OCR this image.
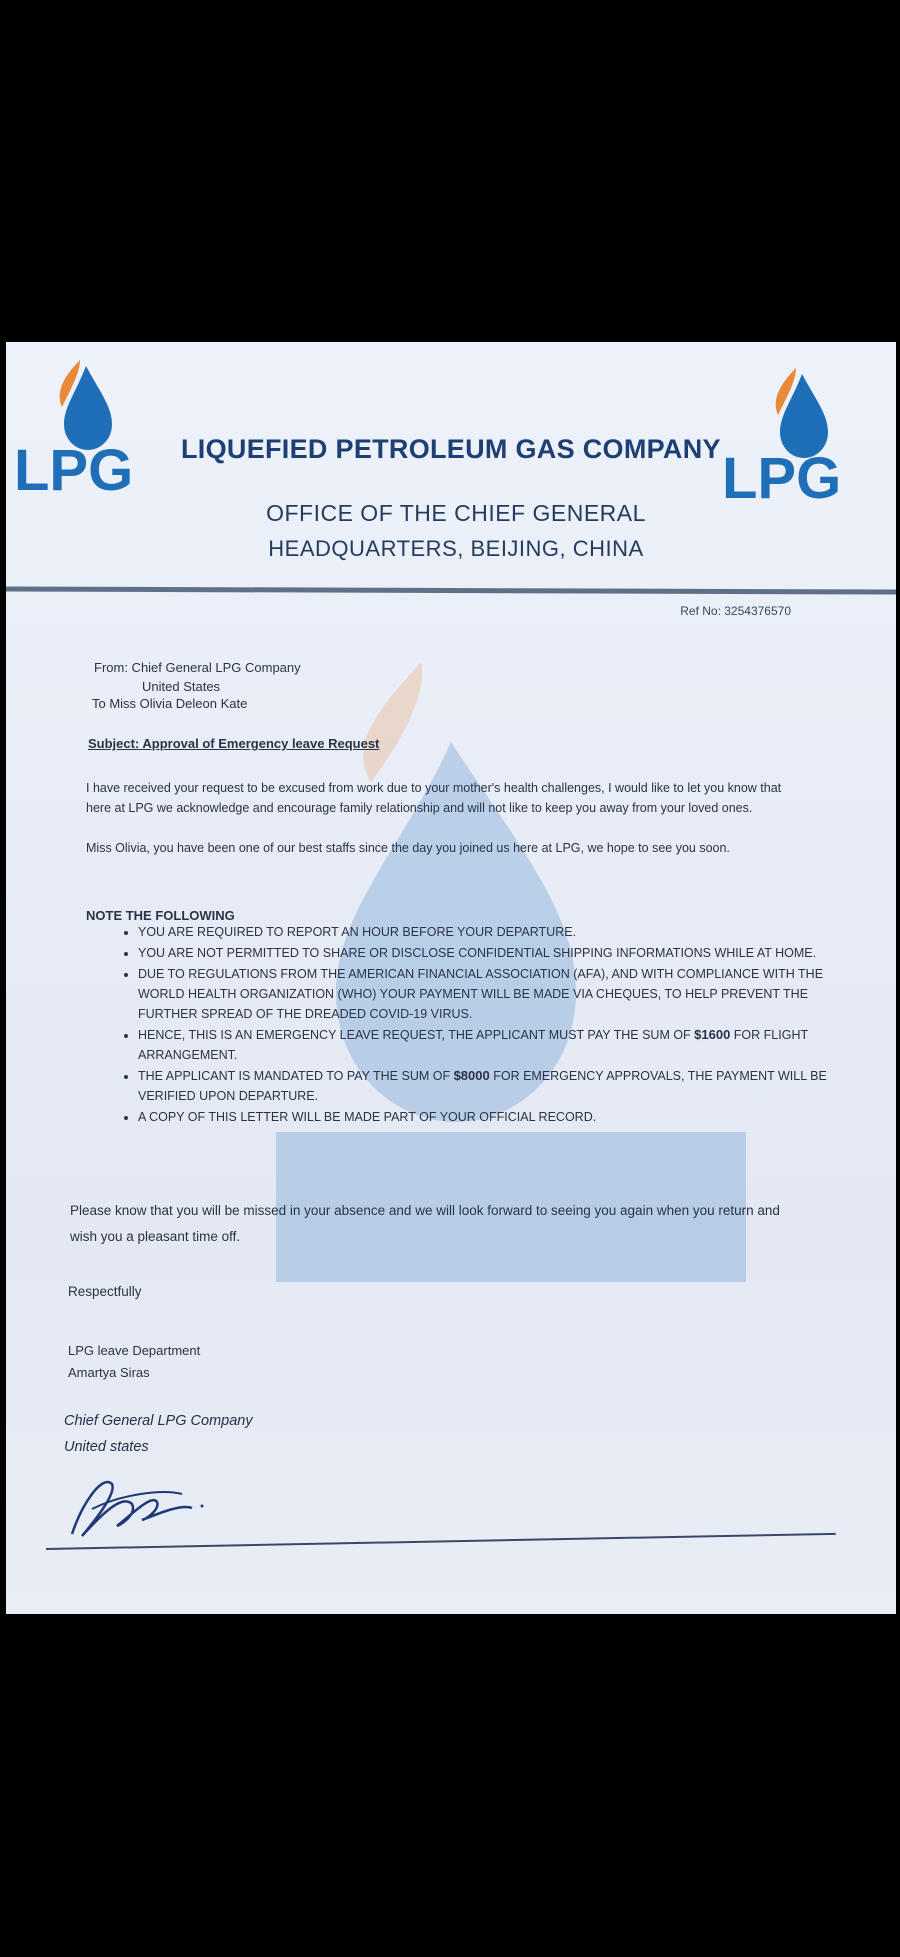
LPG LIQUEFIED PETROLEUM GAS COMPANY LPG
OFFICE OF THE CHIEF GENERAL
HEADQUARTERS, BEIJING, CHINA
Ref No: 3254376570
From: Chief General LPG Company
United States
To Miss Olivia Deleon Kate
Subject: Approval of Emergency leave Request
I have received your request to be excused from work due to your mother's health challenges, I would like to let you know that here at LPG we acknowledge and encourage family relationship and will not like to keep you away from your loved ones.
Miss Olivia, you have been one of our best staffs since the day you joined us here at LPG, we hope to see you soon.
NOTE THE FOLLOWING
• YOU ARE REQUIRED TO REPORT AN HOUR BEFORE YOUR DEPARTURE.
• YOU ARE NOT PERMITTED TO SHARE OR DISCLOSE CONFIDENTIAL SHIPPING INFORMATIONS WHILE AT HOME.
• DUE TO REGULATIONS FROM THE AMERICAN FINANCIAL ASSOCIATION (AFA), AND WITH COMPLIANCE WITH THE WORLD HEALTH ORGANIZATION (WHO) YOUR PAYMENT WILL BE MADE VIA CHEQUES, TO HELP PREVENT THE FURTHER SPREAD OF THE DREADED COVID-19 VIRUS.
• HENCE, THIS IS AN EMERGENCY LEAVE REQUEST, THE APPLICANT MUST PAY THE SUM OF $1600 FOR FLIGHT ARRANGEMENT.
• THE APPLICANT IS MANDATED TO PAY THE SUM OF $8000 FOR EMERGENCY APPROVALS, THE PAYMENT WILL BE VERIFIED UPON DEPARTURE.
• A COPY OF THIS LETTER WILL BE MADE PART OF YOUR OFFICIAL RECORD.
Please know that you will be missed in your absence and we will look forward to seeing you again when you return and wish you a pleasant time off.
Respectfully
LPG leave Department
Amartya Siras
Chief General LPG Company
United states
